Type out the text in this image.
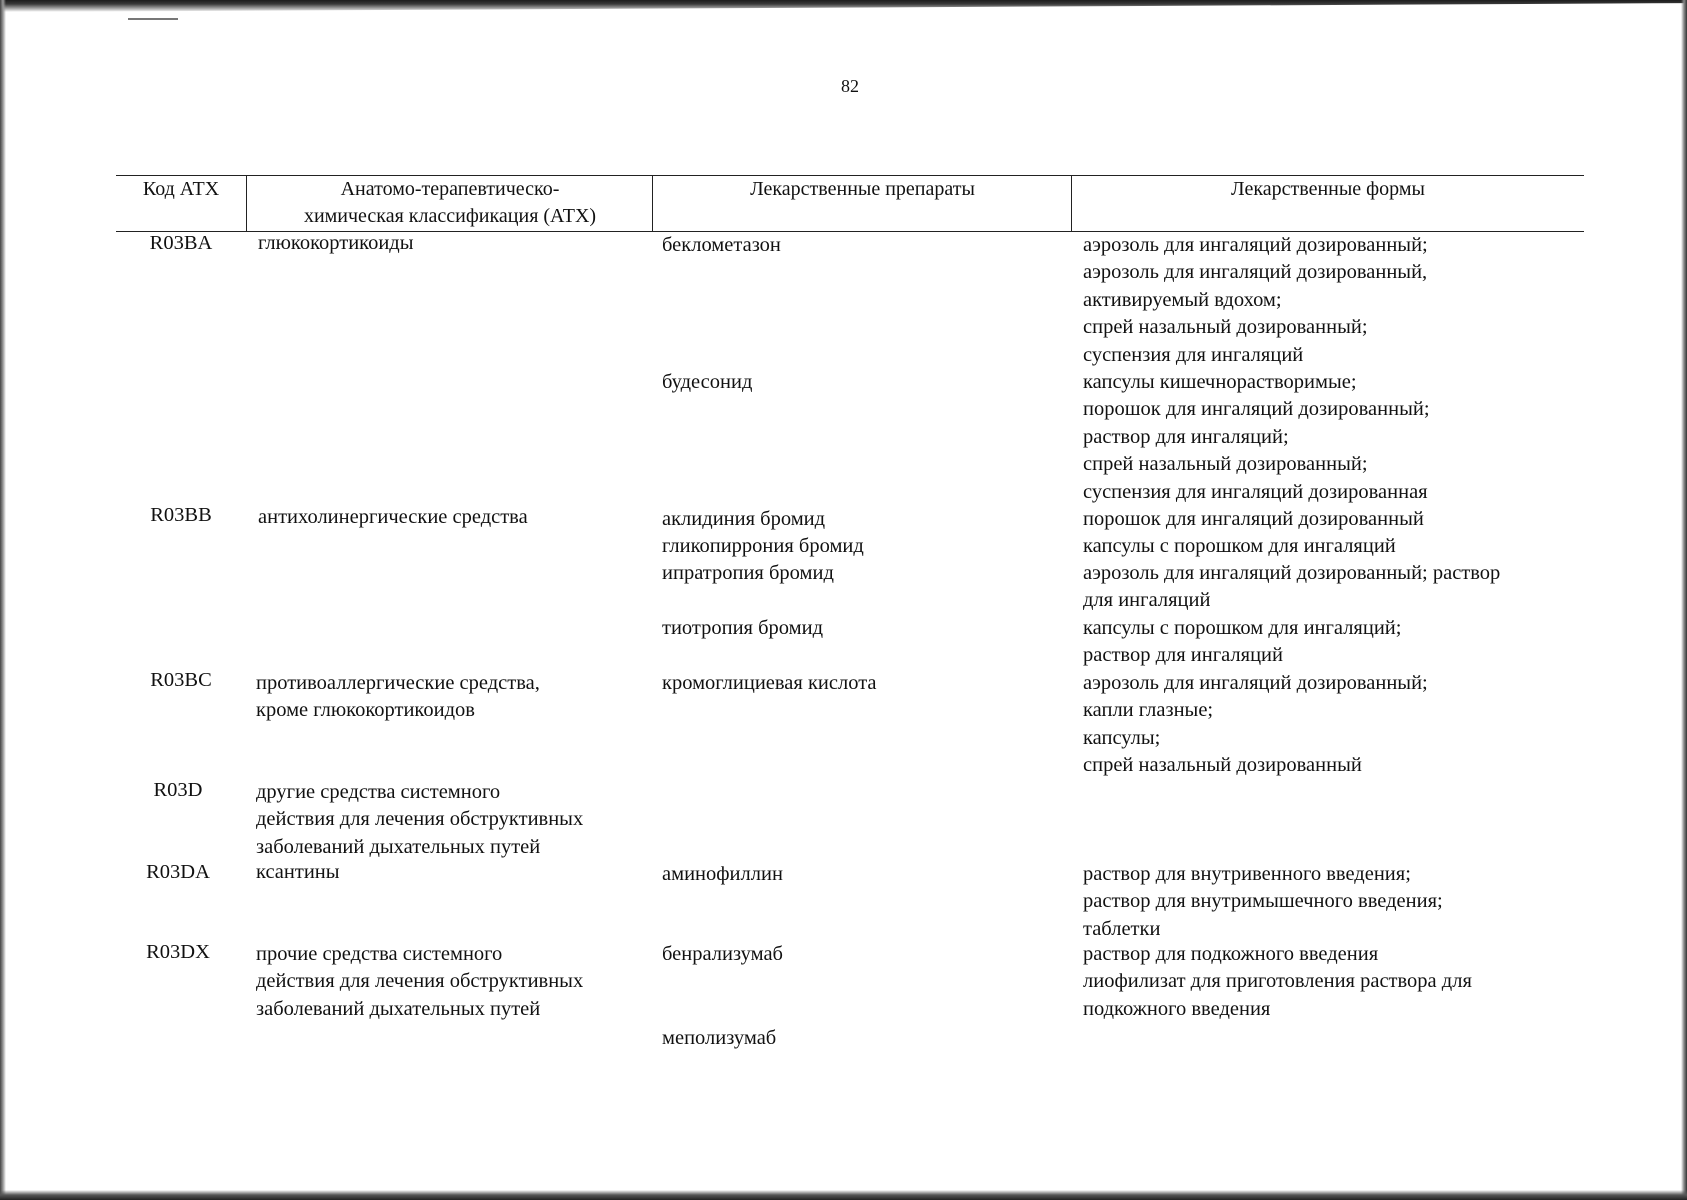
82
Код АТХ	Анатомо-терапевтическо-
химическая классификация (АТХ)
Лекарственные препараты	Лекарственные формы
R03BA	глюкокортикоиды	беклометазон	аэрозоль для ингаляций дозированный;
аэрозоль для ингаляций дозированный,
активируемый вдохом;
спрей назальный дозированный;
суспензия для ингаляций
будесонид	капсулы кишечнорастворимые;
порошок для ингаляций дозированный;
раствор для ингаляций;
спрей назальный дозированный;
суспензия для ингаляций дозированная
R03BB	антихолинергические средства	аклидиния бромид	порошок для ингаляций дозированный
гликопиррония бромид	капсулы с порошком для ингаляций
ипратропия бромид	аэрозоль для ингаляций дозированный; раствор
для ингаляций
тиотропия бромид	капсулы с порошком для ингаляций;
раствор для ингаляций
R03BC	противоаллергические средства,
кроме глюкокортикоидов
кромоглициевая кислота	аэрозоль для ингаляций дозированный;
капли глазные;
капсулы;
спрей назальный дозированный
R03D	другие средства системного
действия для лечения обструктивных
заболеваний дыхательных путей
R03DA	ксантины	аминофиллин	раствор для внутривенного введения;
раствор для внутримышечного введения;
таблетки
R03DX	прочие средства системного
действия для лечения обструктивных
заболеваний дыхательных путей
бенрализумаб	раствор для подкожного введения
лиофилизат для приготовления раствора для
подкожного введения
меполизумаб
